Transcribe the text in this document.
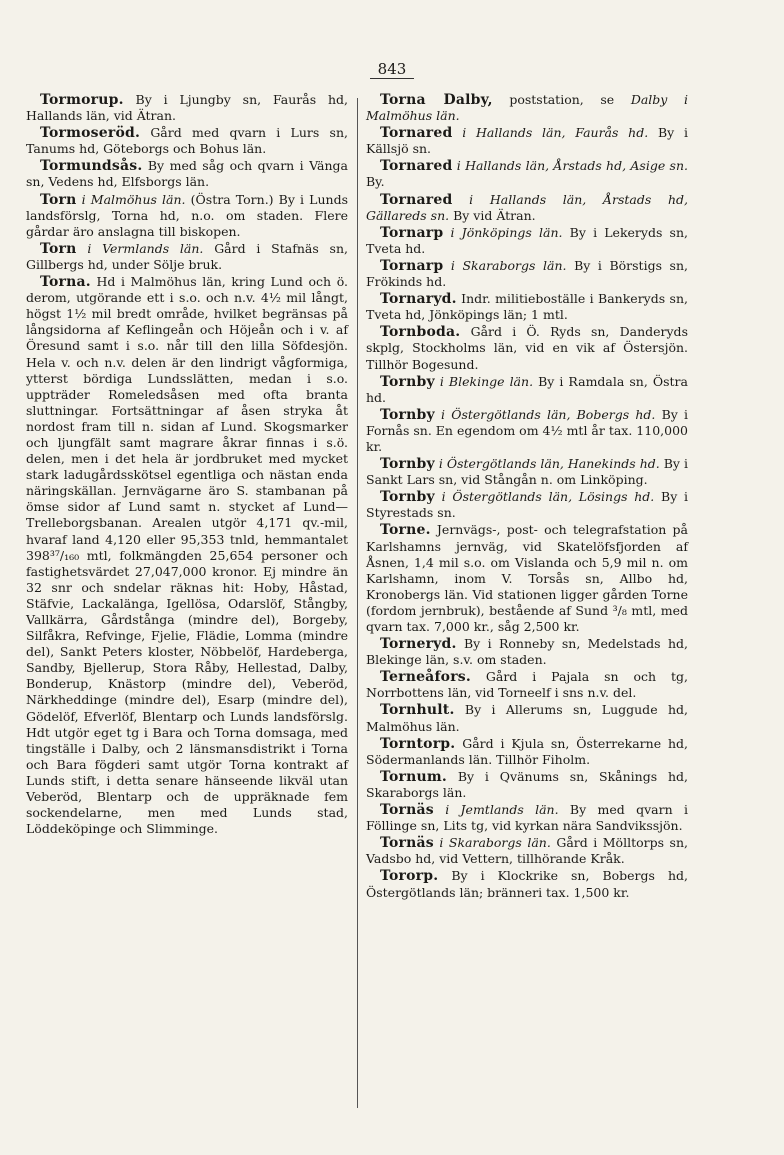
843

Tormorup. By i Ljungby sn, Faurås hd, Hallands län, vid Ätran.

Tormoseröd. Gård med qvarn i Lurs sn, Tanums hd, Göteborgs och Bohus län.

Tormundsås. By med såg och qvarn i Vänga sn, Vedens hd, Elfsborgs län.

Torn i Malmöhus län. (Östra Torn.) By i Lunds landsförslg, Torna hd, n.o. om staden. Flere gårdar äro anslagna till biskopen.

Torn i Vermlands län. Gård i Stafnäs sn, Gillbergs hd, under Sölje bruk.

Torna. Hd i Malmöhus län, kring Lund och ö. derom, utgörande ett i s.o. och n.v. 4½ mil långt, högst 1½ mil bredt område, hvilket begränsas på långsidorna af Keflingeån och Höjeån och i v. af Öresund samt i s.o. når till den lilla Söfdesjön. Hela v. och n.v. delen är den lindrigt vågformiga, ytterst bördiga Lundsslätten, medan i s.o. uppträder Romeledsåsen med ofta branta sluttningar. Fortsättningar af åsen stryka åt nordost fram till n. sidan af Lund. Skogsmarker och ljungfält samt magrare åkrar finnas i s.ö. delen, men i det hela är jordbruket med mycket stark ladugårdsskötsel egentliga och nästan enda näringskällan. Jernvägarne äro S. stambanan på ömse sidor af Lund samt n. stycket af Lund—Trelleborgsbanan. Arealen utgör 4,171 qv.-mil, hvaraf land 4,120 eller 95,353 tnld, hemmantalet 398³⁷/₁₆₀ mtl, folkmängden 25,654 personer och fastighetsvärdet 27,047,000 kronor. Ej mindre än 32 snr och sndelar räknas hit: Hoby, Håstad, Stäfvie, Lackalänga, Igellösa, Odarslöf, Stångby, Vallkärra, Gårdstånga (mindre del), Borgeby, Silfåkra, Refvinge, Fjelie, Flädie, Lomma (mindre del), Sankt Peters kloster, Nöbbelöf, Hardeberga, Sandby, Bjellerup, Stora Råby, Hellestad, Dalby, Bonderup, Knästorp (mindre del), Veberöd, Närkheddinge (mindre del), Esarp (mindre del), Gödelöf, Efverlöf, Blentarp och Lunds landsförslg. Hdt utgör eget tg i Bara och Torna domsaga, med tingställe i Dalby, och 2 länsmansdistrikt i Torna och Bara fögderi samt utgör Torna kontrakt af Lunds stift, i detta senare hänseende likväl utan Veberöd, Blentarp och de uppräknade fem sockendelarne, men med Lunds stad, Löddeköpinge och Slimminge.

Torna Dalby, poststation, se Dalby i Malmöhus län.

Tornared i Hallands län, Faurås hd. By i Källsjö sn.

Tornared i Hallands län, Årstads hd, Asige sn. By.

Tornared i Hallands län, Årstads hd, Gällareds sn. By vid Ätran.

Tornarp i Jönköpings län. By i Lekeryds sn, Tveta hd.

Tornarp i Skaraborgs län. By i Börstigs sn, Frökinds hd.

Tornaryd. Indr. militieboställe i Bankeryds sn, Tveta hd, Jönköpings län; 1 mtl.

Tornboda. Gård i Ö. Ryds sn, Danderyds skplg, Stockholms län, vid en vik af Östersjön. Tillhör Bogesund.

Tornby i Blekinge län. By i Ramdala sn, Östra hd.

Tornby i Östergötlands län, Bobergs hd. By i Fornås sn. En egendom om 4½ mtl år tax. 110,000 kr.

Tornby i Östergötlands län, Hanekinds hd. By i Sankt Lars sn, vid Stångån n. om Linköping.

Tornby i Östergötlands län, Lösings hd. By i Styrestads sn.

Torne. Jernvägs-, post- och telegrafstation på Karlshamns jernväg, vid Skatelöfsfjorden af Åsnen, 1,4 mil s.o. om Vislanda och 5,9 mil n. om Karlshamn, inom V. Torsås sn, Allbo hd, Kronobergs län. Vid stationen ligger gården Torne (fordom jernbruk), bestående af Sund ³/₈ mtl, med qvarn tax. 7,000 kr., såg 2,500 kr.

Torneryd. By i Ronneby sn, Medelstads hd, Blekinge län, s.v. om staden.

Terneåfors. Gård i Pajala sn och tg, Norrbottens län, vid Torneelf i sns n.v. del.

Tornhult. By i Allerums sn, Luggude hd, Malmöhus län.

Torntorp. Gård i Kjula sn, Österrekarne hd, Södermanlands län. Tillhör Fiholm.

Tornum. By i Qvänums sn, Skånings hd, Skaraborgs län.

Tornäs i Jemtlands län. By med qvarn i Föllinge sn, Lits tg, vid kyrkan nära Sandvikssjön.

Tornäs i Skaraborgs län. Gård i Mölltorps sn, Vadsbo hd, vid Vettern, tillhörande Kråk.

Tororp. By i Klockrike sn, Bobergs hd, Östergötlands län; bränneri tax. 1,500 kr.
